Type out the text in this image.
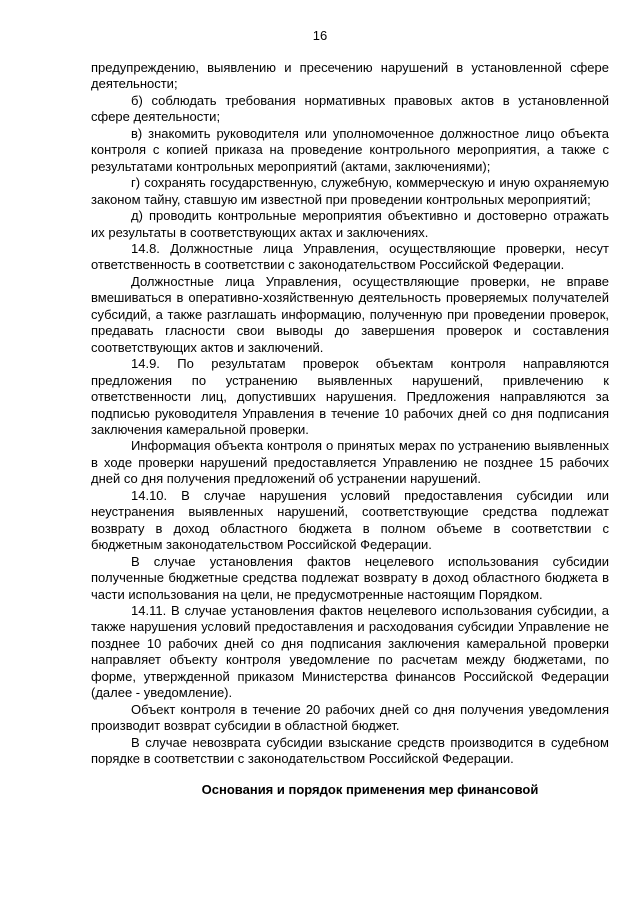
16

предупреждению, выявлению и пресечению нарушений в установленной сфере деятельности;

б) соблюдать требования нормативных правовых актов в установленной сфере деятельности;

в) знакомить руководителя или уполномоченное должностное лицо объекта контроля с копией приказа на проведение контрольного мероприятия, а также с результатами контрольных мероприятий (актами, заключениями);

г) сохранять государственную, служебную, коммерческую и иную охраняемую законом тайну, ставшую им известной при проведении контрольных мероприятий;

д) проводить контрольные мероприятия объективно и достоверно отражать их результаты в соответствующих актах и заключениях.

14.8. Должностные лица Управления, осуществляющие проверки, несут ответственность в соответствии с законодательством Российской Федерации.

Должностные лица Управления, осуществляющие проверки, не вправе вмешиваться в оперативно-хозяйственную деятельность проверяемых получателей субсидий, а также разглашать информацию, полученную при проведении проверок, предавать гласности свои выводы до завершения проверок и составления соответствующих актов и заключений.

14.9. По результатам проверок объектам контроля направляются предложения по устранению выявленных нарушений, привлечению к ответственности лиц, допустивших нарушения. Предложения направляются за подписью руководителя Управления в течение 10 рабочих дней со дня подписания заключения камеральной проверки.

Информация объекта контроля о принятых мерах по устранению выявленных в ходе проверки нарушений предоставляется Управлению не позднее 15 рабочих дней со дня получения предложений об устранении нарушений.

14.10. В случае нарушения условий предоставления субсидии или неустранения выявленных нарушений, соответствующие средства подлежат возврату в доход областного бюджета в полном объеме в соответствии с бюджетным законодательством Российской Федерации.

В случае установления фактов нецелевого использования субсидии полученные бюджетные средства подлежат возврату в доход областного бюджета в части использования на цели, не предусмотренные настоящим Порядком.

14.11. В случае установления фактов нецелевого использования субсидии, а также нарушения условий предоставления и расходования субсидии Управление не позднее 10 рабочих дней со дня подписания заключения камеральной проверки направляет объекту контроля уведомление по расчетам между бюджетами, по форме, утвержденной приказом Министерства финансов Российской Федерации (далее - уведомление).

Объект контроля в течение 20 рабочих дней со дня получения уведомления производит возврат субсидии в областной бюджет.

В случае невозврата субсидии взыскание средств производится в судебном порядке в соответствии с законодательством Российской Федерации.

Основания и порядок применения мер финансовой
